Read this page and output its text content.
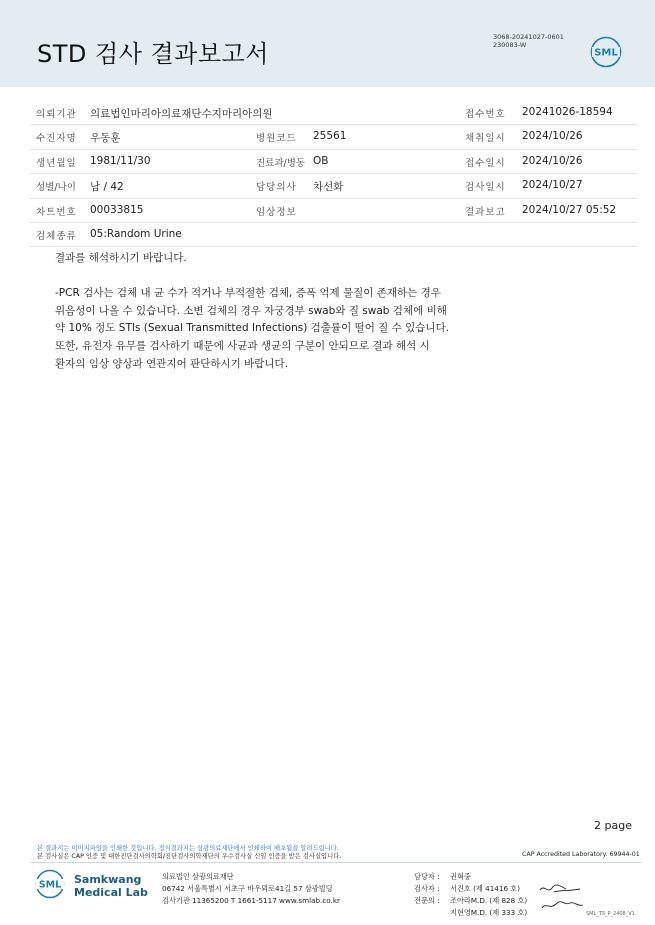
STD 검사 결과보고서
3068-20241027-0601
230083-W
SML
의뢰기관 의료법인마리아의료재단수지마리아의원	접수번호 20241026-18594
수진자명 우동훈	병원코드 25561	채취일시 2024/10/26
생년월일 1981/11/30	진료과/병동 OB	접수일시 2024/10/26
성별/나이 남 / 42	담당의사 차선화	검사일시 2024/10/27
차트번호 00033815	임상정보	결과보고 2024/10/27 05:52
검체종류 05:Random Urine

결과를 해석하시기 바랍니다.

-PCR 검사는 검체 내 균 수가 적거나 부적절한 검체, 증폭 억제 물질이 존재하는 경우

위음성이 나올 수 있습니다. 소변 검체의 경우 자궁경부 swab와 질 swab 검체에 비해

약 10% 정도 STIs (Sexual Transmitted Infections) 검출률이 떨어 질 수 있습니다.

또한, 유전자 유무를 검사하기 때문에 사균과 생균의 구분이 안되므로 결과 해석 시

환자의 임상 양상과 연관지어 판단하시기 바랍니다.

2 page
본 결과지는 이미지파일을 인쇄한 것입니다. 정식결과지는 삼광의료재단에서 인쇄하여 배포됨을 알려드립니다.
본 검사실은 CAP 인증 및 대한진단검사의학회/진단검사의학재단의 우수검사실 신임 인증을 받은 검사실입니다.	CAP Accredited Laboratory. 69944-01
SML Samkwang
Medical Lab
의료법인 삼광의료재단
06742 서울특별시 서초구 바우뫼로41길 57 삼광빌딩
검사기관 11365200 T 1661-5117 www.smlab.co.kr
담당자 : 권혁중
검사자 : 서진호 (제 41416 호)
전문의 : 조아라M.D. (제 828 호)
지현영M.D. (제 333 호)	SML_TS_P_2408_V1
